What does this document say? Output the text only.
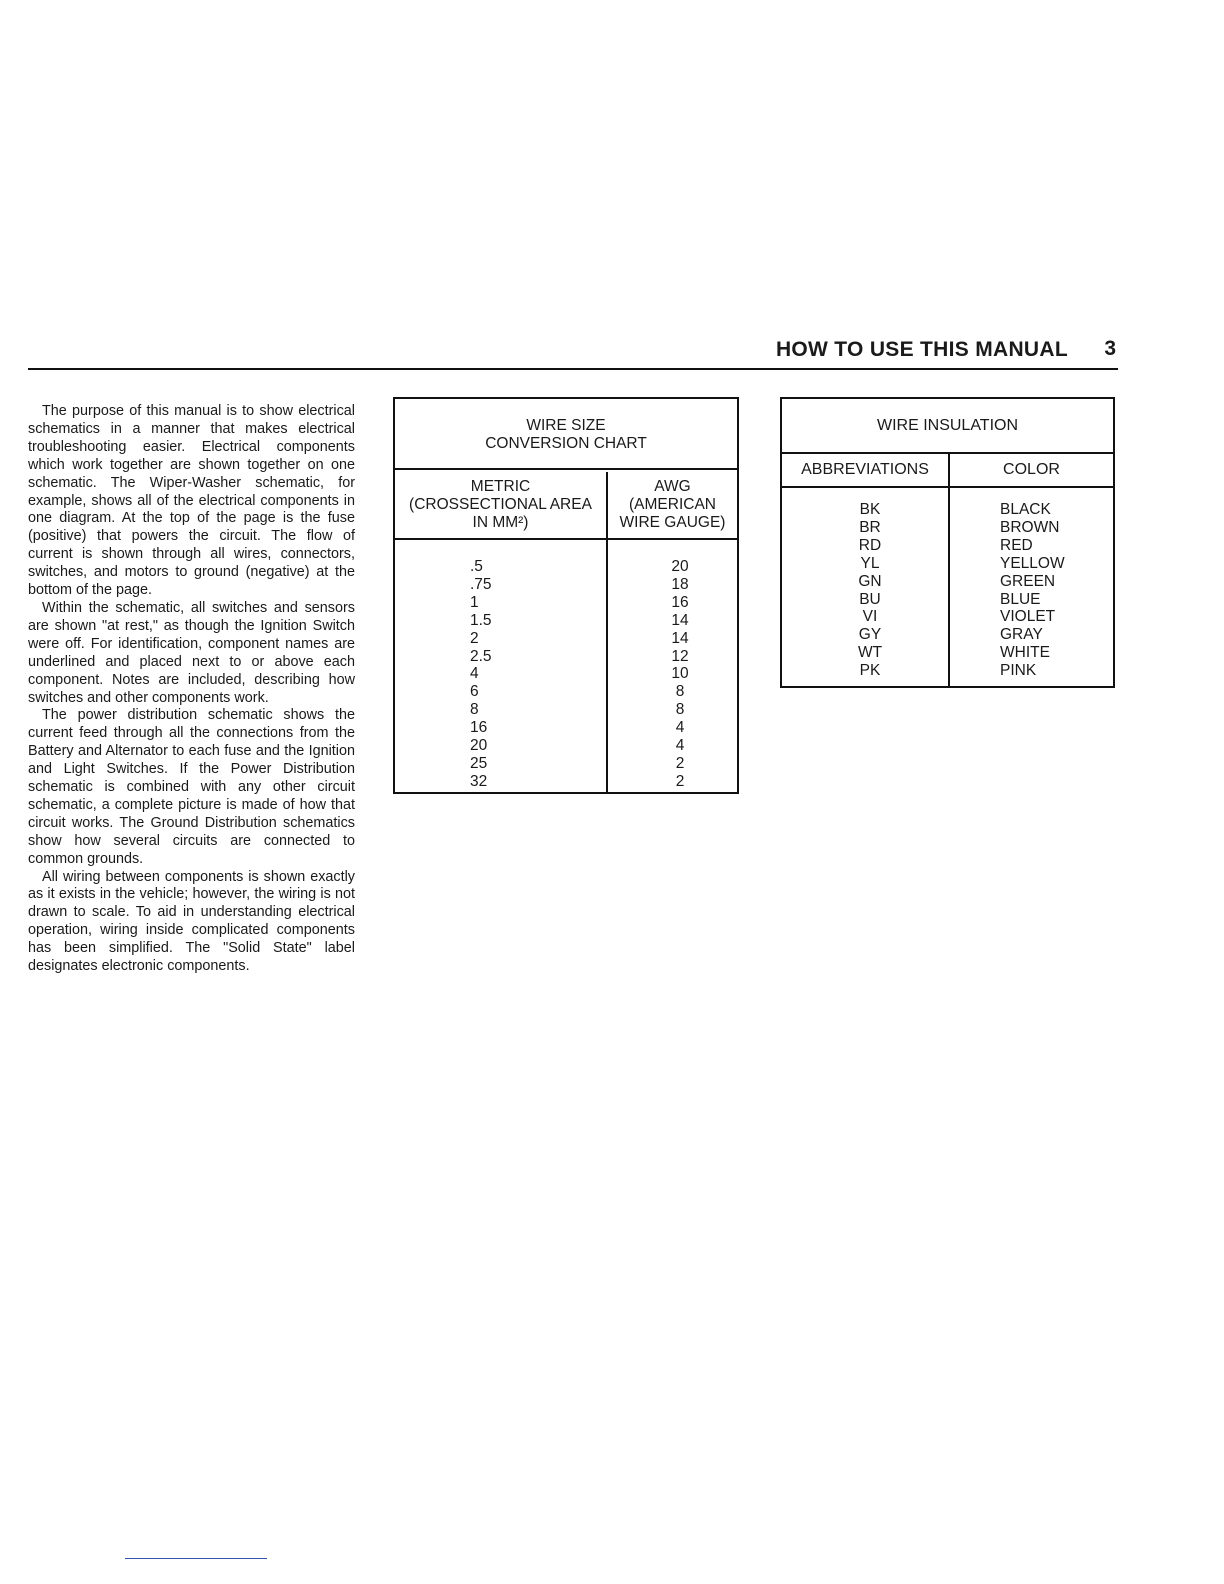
HOW TO USE THIS MANUAL 3

The purpose of this manual is to show electrical schematics in a manner that makes electrical troubleshooting easier. Electrical components which work together are shown together on one schematic. The Wiper-Washer schematic, for example, shows all of the electrical components in one diagram. At the top of the page is the fuse (positive) that powers the circuit. The flow of current is shown through all wires, connectors, switches, and motors to ground (negative) at the bottom of the page.

Within the schematic, all switches and sensors are shown "at rest," as though the Ignition Switch were off. For identification, component names are underlined and placed next to or above each component. Notes are included, describing how switches and other components work.

The power distribution schematic shows the current feed through all the connections from the Battery and Alternator to each fuse and the Ignition and Light Switches. If the Power Distribution schematic is combined with any other circuit schematic, a complete picture is made of how that circuit works. The Ground Distribution schematics show how several circuits are connected to common grounds.

All wiring between components is shown exactly as it exists in the vehicle; however, the wiring is not drawn to scale. To aid in understanding electrical operation, wiring inside complicated components has been simplified. The "Solid State" label designates electronic components.

WIRE SIZE
CONVERSION CHART
METRIC
(CROSSECTIONAL AREA
IN MM²)
AWG
(AMERICAN
WIRE GAUGE)
.5
.75
1
1.5
2
2.5
4
6
8
16
20
25
32
20
18
16
14
14
12
10
8
8
4
4
2
2
WIRE INSULATION
ABBREVIATIONS	COLOR
BK
BR
RD
YL
GN
BU
VI
GY
WT
PK
BLACK
BROWN
RED
YELLOW
GREEN
BLUE
VIOLET
GRAY
WHITE
PINK
